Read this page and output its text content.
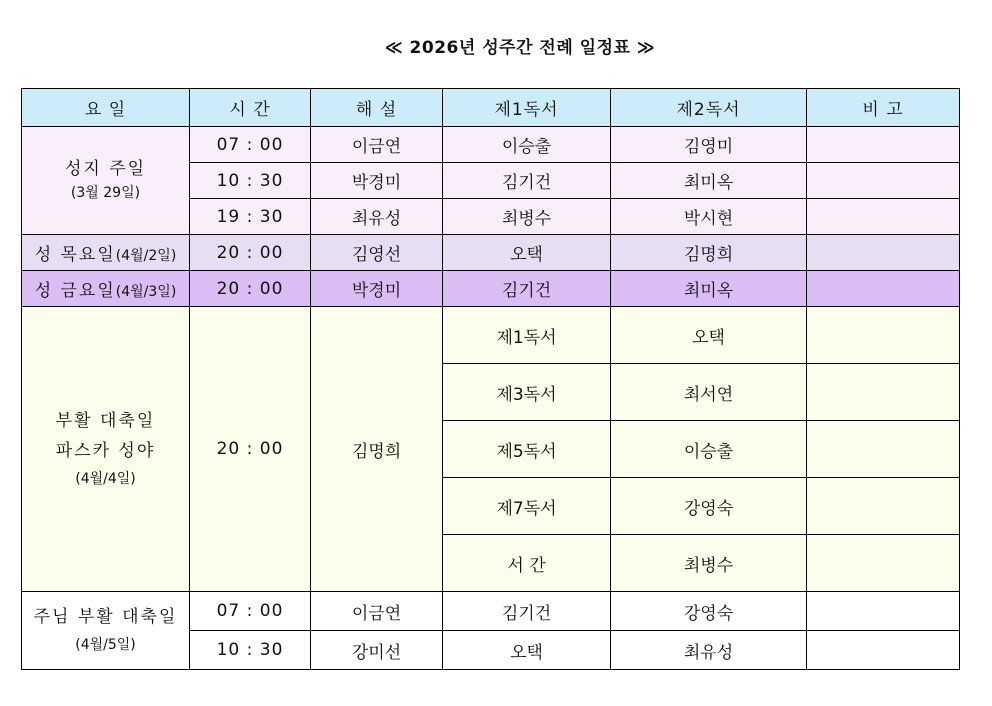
≪ 2026년 성주간 전례 일정표 ≫
요 일	시 간	해 설	제1독서	제2독서	비 고

성지 주일
(3월 29일)	07 : 00	이금연	이승출	김영미	
	10 : 30	박경미	김기건	최미옥	
	19 : 30	최유성	최병수	박시현	
성 목요일(4월/2일)	20 : 00	김영선	오택	김명희	
성 금요일(4월/3일)	20 : 00	박경미	김기건	최미옥	

부활 대축일
파스카 성야
(4월/4일)	20 : 00	김명희	제1독서	오택	
			제3독서	최서연	
			제5독서	이승출	
			제7독서	강영숙	
			서 간	최병수	

주님 부활 대축일
(4월/5일)	07 : 00	이금연	김기건	강영숙	
	10 : 30	강미선	오택	최유성	
